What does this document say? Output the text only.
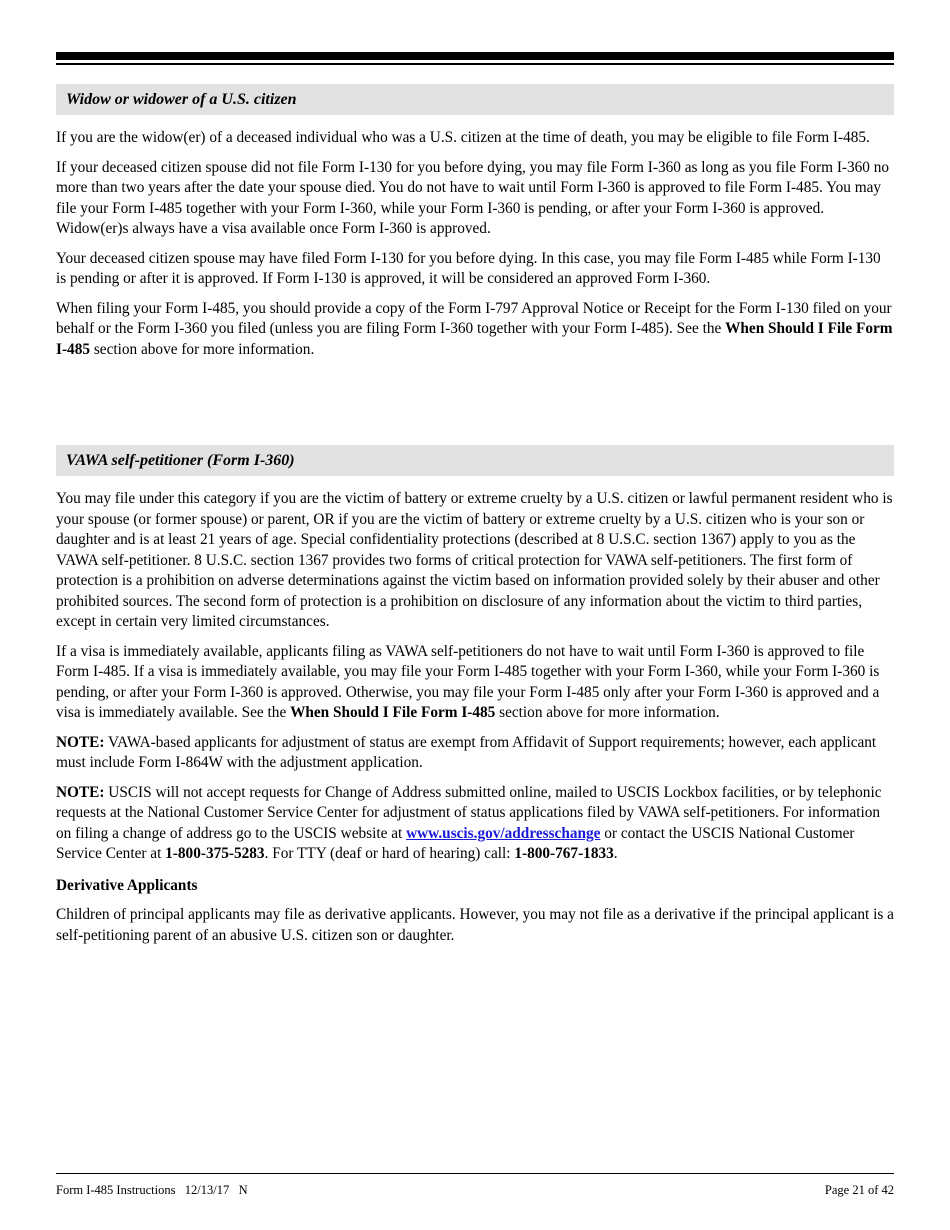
Widow or widower of a U.S. citizen

If you are the widow(er) of a deceased individual who was a U.S. citizen at the time of death, you may be eligible to file Form I-485.

If your deceased citizen spouse did not file Form I-130 for you before dying, you may file Form I-360 as long as you file Form I-360 no more than two years after the date your spouse died. You do not have to wait until Form I-360 is approved to file Form I-485. You may file your Form I-485 together with your Form I-360, while your Form I-360 is pending, or after your Form I-360 is approved. Widow(er)s always have a visa available once Form I-360 is approved.

Your deceased citizen spouse may have filed Form I-130 for you before dying. In this case, you may file Form I-485 while Form I-130 is pending or after it is approved. If Form I-130 is approved, it will be considered an approved Form I-360.

When filing your Form I-485, you should provide a copy of the Form I-797 Approval Notice or Receipt for the Form I-130 filed on your behalf or the Form I-360 you filed (unless you are filing Form I-360 together with your Form I-485). See the When Should I File Form I-485 section above for more information.

VAWA self-petitioner (Form I-360)

You may file under this category if you are the victim of battery or extreme cruelty by a U.S. citizen or lawful permanent resident who is your spouse (or former spouse) or parent, OR if you are the victim of battery or extreme cruelty by a U.S. citizen who is your son or daughter and is at least 21 years of age. Special confidentiality protections (described at 8 U.S.C. section 1367) apply to you as the VAWA self-petitioner. 8 U.S.C. section 1367 provides two forms of critical protection for VAWA self-petitioners. The first form of protection is a prohibition on adverse determinations against the victim based on information provided solely by their abuser and other prohibited sources. The second form of protection is a prohibition on disclosure of any information about the victim to third parties, except in certain very limited circumstances.

If a visa is immediately available, applicants filing as VAWA self-petitioners do not have to wait until Form I-360 is approved to file Form I-485. If a visa is immediately available, you may file your Form I-485 together with your Form I-360, while your Form I-360 is pending, or after your Form I-360 is approved. Otherwise, you may file your Form I-485 only after your Form I-360 is approved and a visa is immediately available. See the When Should I File Form I-485 section above for more information.

NOTE: VAWA-based applicants for adjustment of status are exempt from Affidavit of Support requirements; however, each applicant must include Form I-864W with the adjustment application.

NOTE: USCIS will not accept requests for Change of Address submitted online, mailed to USCIS Lockbox facilities, or by telephonic requests at the National Customer Service Center for adjustment of status applications filed by VAWA self-petitioners. For information on filing a change of address go to the USCIS website at www.uscis.gov/addresschange or contact the USCIS National Customer Service Center at 1-800-375-5283. For TTY (deaf or hard of hearing) call: 1-800-767-1833.

Derivative Applicants

Children of principal applicants may file as derivative applicants. However, you may not file as a derivative if the principal applicant is a self-petitioning parent of an abusive U.S. citizen son or daughter.

Form I-485 Instructions   12/13/17   N	Page 21 of 42
